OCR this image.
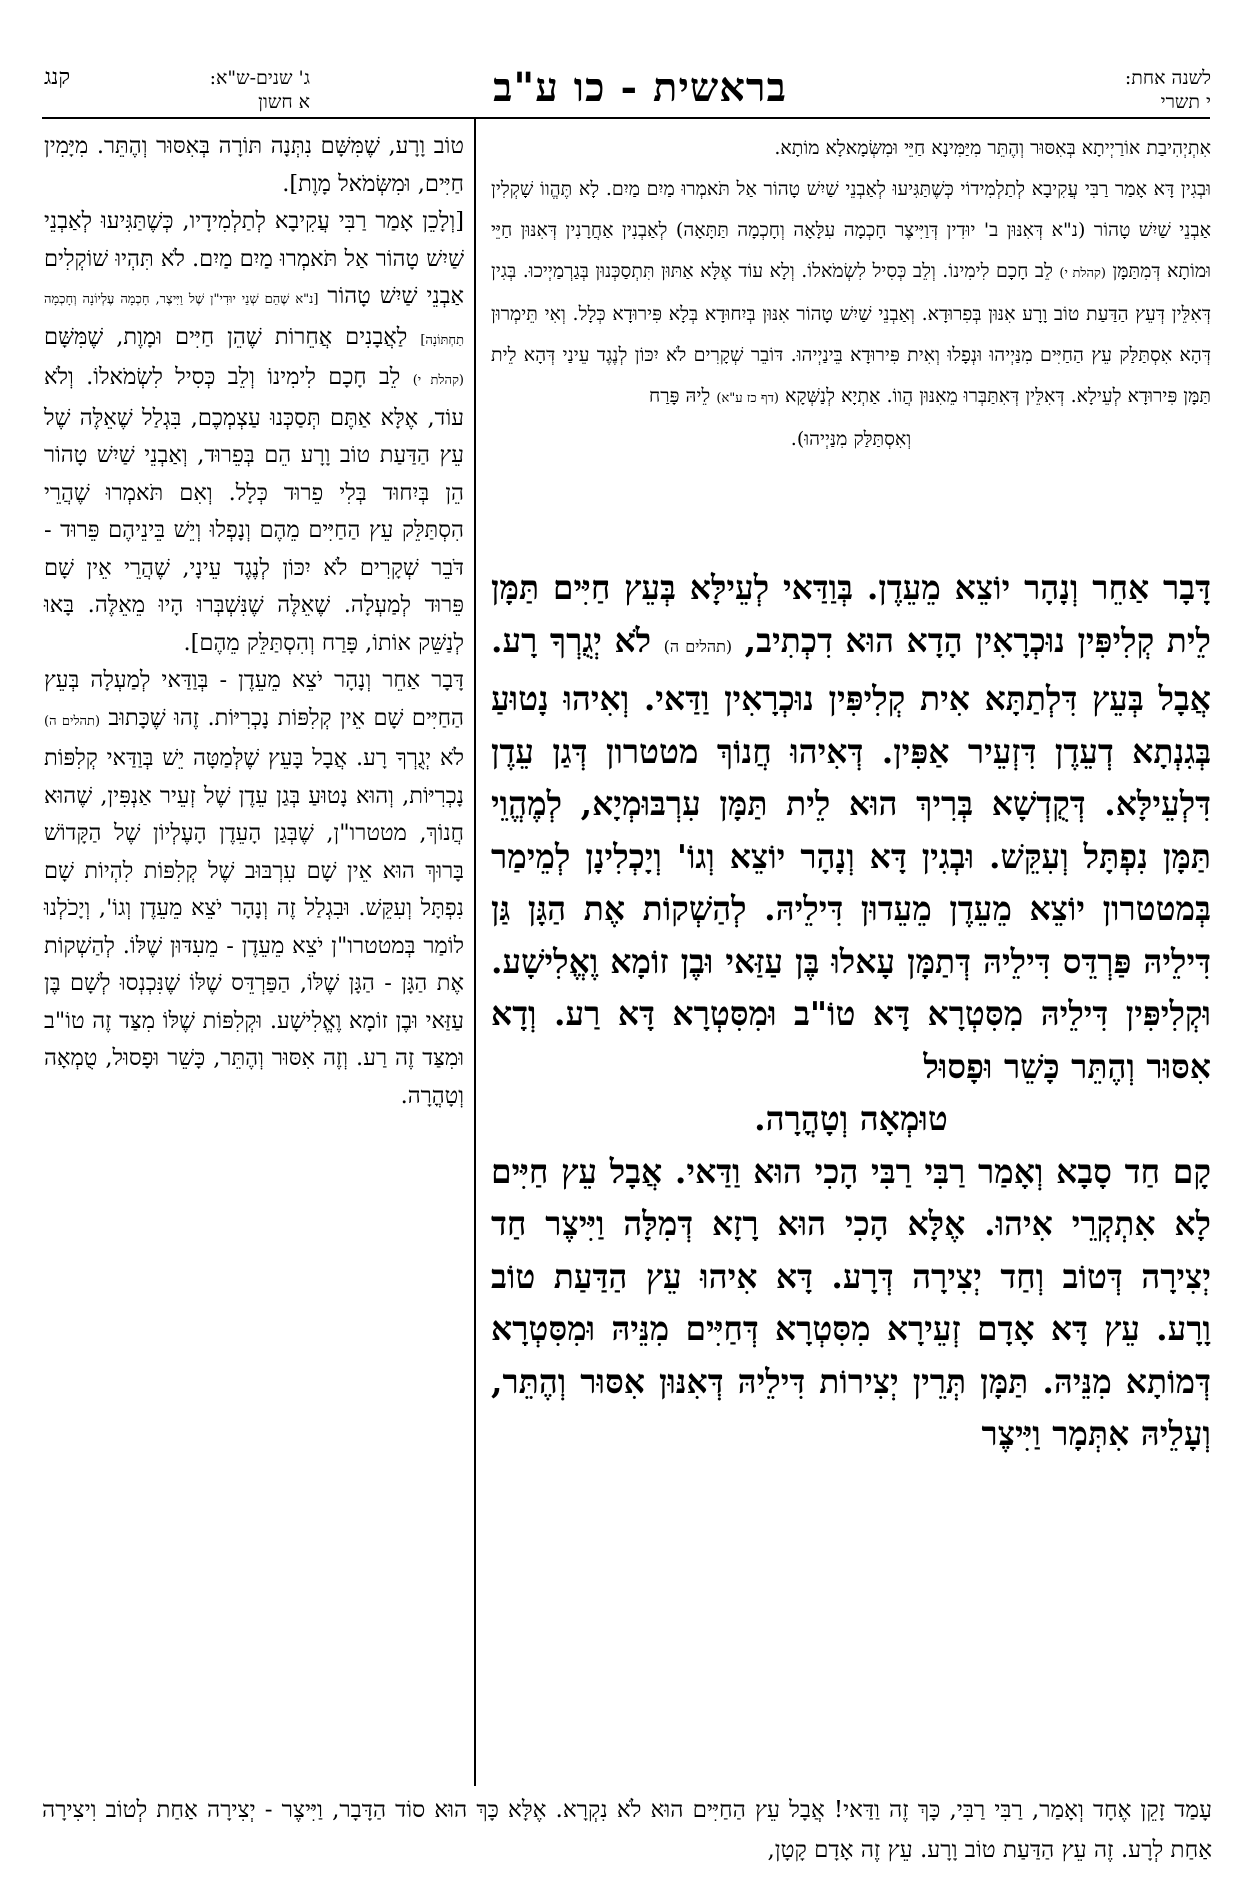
לשנה אחת:
י תשרי
בראשית - כו ע"ב
ג' שנים-ש"א:
א חשון
קנג

אִתְיְהִיבַת אוֹרַיְיתָא בְּאִסּוּר וְהֶתֵּר מִיַּמִּינָא חַיֵּי וּמִשְּׂמָאלָא מוֹתָא.

וּבְגִין דָּא אָמַר רַבִּי עֲקִיבָא לְתַלְמִידוֹי כְּשֶׁתַּגִּיעוּ לְאַבְנֵי שַׁיִשׁ טָהוֹר אַל תֹּאמְרוּ מַיִם מַיִם. לָא תֶּהֱווֹ שָׁקְלִין אַבְנֵי שַׁיִשׁ טָהוֹר (נ"א דְּאִנּוּן ב' יוּדִין דְּוַיִּיצֶר חָכְמָה עִלָּאָה וְחָכְמָה תַּתָּאָה) לְאַבְנִין אַחֲרָנִין דְּאִנּוּן חַיֵּי וּמוֹתָא דְּמִתַּמָּן (קהלת י) לֵב חָכָם לִימִינוֹ. וְלֵב כְּסִיל לִשְׂמֹאלוֹ. וְלָא עוֹד אֶלָּא אַתּוּן תִּתְסַכְּנוּן בְּגַרְמַיְיכוּ. בְּגִין דְּאִלֵּין דְּעֵץ הַדַּעַת טוֹב וָרָע אִנּוּן בְּפִרוּדָא. וְאַבְנֵי שַׁיִשׁ טָהוֹר אִנּוּן בְּיִחוּדָא בְּלָא פִּירוּדָא כְּלָל. וְאִי תֵּימְרוּן דְּהָא אִסְתַּלַּק עֵץ הַחַיִּים מִנַּיְיהוּ וּנְפָלוּ וְאִית פִּירוּדָא בֵּינַיְיהוּ. דּוֹבֵר שְׁקָרִים לֹא יִכּוֹן לְנֶגֶד עֵינַי דְּהָא לֵית תַּמָּן פִּירוּדָא לְעֵילָא. דְּאִלֵּין דְּאִתַּבְּרוּ מֵאִנּוּן הֲווֹ. אַתְיָא לְנַשְּׁקָא (דף כז ע"א) לֵיהּ פָּרַח

וְאִסְתַּלַּק מִנַּיְיהוּ).

דָּבָר אַחֵר וְנָהָר יוֹצֵא מֵעֵדֶן. בְּוַדַּאי לְעֵילָּא בְּעֵץ חַיִּים תַּמָּן לֵית קְלִיפִּין נוּכְרָאִין הָדָא הוּא דִכְתִיב, (תהלים ה) לֹא יְגֻרְךָ רָע. אֲבָל בְּעֵץ דִּלְתַתָּא אִית קְלִיפִּין נוּכְרָאִין וַדַּאי. וְאִיהוּ נָטוּעַ בְּגִנְתָא דְעֵדֶן דִּזְעֵיר אַפִּין. דְּאִיהוּ חֲנוֹךְ מטטרון דְּגַן עֵדֶן דִּלְעֵילָּא. דְּקֻדְשָׁא בְּרִיךְ הוּא לֵית תַּמָּן עִרְבּוּמְיָא, לְמֶהֱוֵי תַּמָּן נִפְתָּל וְעִקֵּשׁ. וּבְגִין דָּא וְנָהָר יוֹצֵא וְגוֹ' וְיָכְלִינָן לְמֵימַר בְּמטטרון יוֹצֵא מֵעֵדֶן מֵעֵדוּן דִּילֵיהּ. לְהַשְׁקוֹת אֶת הַגָּן גַּן דִּילֵיהּ פַּרְדֵּס דִּילֵיהּ דְּתַמָּן עָאלוּ בֶּן עַזַּאי וּבֶן זוֹמָא וֶאֱלִישָׁע. וּקְלִיפִּין דִּילֵיהּ מִסִּטְרָא דָּא טוֹ"ב וּמִסִּטְרָא דָּא רַע. וְדָא אִסּוּר וְהֶתֵּר כָּשֵׁר וּפָסוּל

טוּמְאָה וְטָהֳרָה.

קָם חַד סָבָא וְאָמַר רַבִּי רַבִּי הָכִי הוּא וַדַּאי. אֲבָל עֵץ חַיִּים לָא אִתְקְרֵי אִיהוּ. אֶלָּא הָכִי הוּא רָזָא דְּמִלָּה וַיִּיצֶר חַד יְצִירָה דְּטוֹב וְחַד יְצִירָה דְּרָע. דָּא אִיהוּ עֵץ הַדַּעַת טוֹב וָרָע. עֵץ דָּא אָדָם זְעֵירָא מִסִּטְרָא דְּחַיִּים מִנֵּיהּ וּמִסִּטְרָא דְּמוֹתָא מִנֵּיהּ. תַּמָּן תְּרֵין יְצִירוֹת דִּילֵיהּ דְּאִנּוּן אִסּוּר וְהֶתֵּר, וְעָלֵיהּ אִתְּמָר וַיִּיצֶר

טוֹב וָרָע, שֶׁמִּשָּׁם נִתְּנָה תּוֹרָה בְּאִסּוּר וְהֶתֵּר. מִיָּמִין חַיִּים, וּמִשְּׂמֹאל מָוֶת].

[וְלָכֵן אָמַר רַבִּי עֲקִיבָא לְתַלְמִידָיו, כְּשֶׁתַּגִּיעוּ לְאַבְנֵי שַׁיִשׁ טָהוֹר אַל תֹּאמְרוּ מַיִם מַיִם. לֹא תִּהְיוּ שׁוֹקְלִים אַבְנֵי שַׁיִשׁ טָהוֹר [נ"א שֶׁהֵם שְׁנֵי יוּדִי"ן שֶׁל וַיִּיצֶר, חָכְמָה עֶלְיוֹנָה וְחָכְמָה תַחְתּוֹנָה] לַאֲבָנִים אֲחֵרוֹת שֶׁהֵן חַיִּים וּמָוֶת, שֶׁמִּשָּׁם (קהלת י) לֵב חָכָם לִימִינוֹ וְלֵב כְּסִיל לִשְׂמֹאלוֹ. וְלֹא עוֹד, אֶלָּא אַתֶּם תְּסַכְּנוּ עַצְמְכֶם, בִּגְלַל שֶׁאֵלֶּה שֶׁל עֵץ הַדַּעַת טוֹב וָרָע הֵם בְּפֵרוּד, וְאַבְנֵי שַׁיִשׁ טָהוֹר הֵן בְּיִחוּד בְּלִי פֵרוּד כְּלָל. וְאִם תֹּאמְרוּ שֶׁהֲרֵי הִסְתַּלֵּק עֵץ הַחַיִּים מֵהֶם וְנָפְלוּ וְיֵשׁ בֵּינֵיהֶם פֵּרוּד - דֹּבֵר שְׁקָרִים לֹא יִכּוֹן לְנֶגֶד עֵינָי, שֶׁהֲרֵי אֵין שָׁם פֵּרוּד לְמַעְלָה. שֶׁאֵלֶּה שֶׁנִּשְׁבְּרוּ הָיוּ מֵאֵלֶּה. בָּאוּ לְנַשֵּׁק אוֹתוֹ, פָּרַח וְהִסְתַּלֵּק מֵהֶם].

דָּבָר אַחֵר וְנָהָר יֹצֵא מֵעֵדֶן - בְּוַדַּאי לְמַעְלָה בְּעֵץ הַחַיִּים שָׁם אֵין קְלִפּוֹת נָכְרִיּוֹת. זֶהוּ שֶׁכָּתוּב (תהלים ה) לֹא יְגֻרְךָ רָע. אֲבָל בָּעֵץ שֶׁלְּמַטָּה יֵשׁ בְּוַדַּאי קְלִפּוֹת נָכְרִיּוֹת, וְהוּא נָטוּעַ בְּגַן עֵדֶן שֶׁל זְעֵיר אַנְפִּין, שֶׁהוּא חֲנוֹךְ, מטטרו"ן, שֶׁבְּגַן הָעֵדֶן הָעֶלְיוֹן שֶׁל הַקָּדוֹשׁ בָּרוּךְ הוּא אֵין שָׁם עִרְבּוּב שֶׁל קְלִפּוֹת לִהְיוֹת שָׁם נִפְתָּל וְעִקֵּשׁ. וּבִגְלַל זֶה וְנָהָר יֹצֵא מֵעֵדֶן וְגוֹ', וְיָכֹלְנוּ לוֹמַר בְּמטטרו"ן יֹצֵא מֵעֵדֶן - מֵעִדּוּן שֶׁלּוֹ. לְהַשְׁקוֹת אֶת הַגָּן - הַגָּן שֶׁלּוֹ, הַפַּרְדֵּס שֶׁלּוֹ שֶׁנִּכְנְסוּ לְשָׁם בֶּן עַזַּאי וּבֶן זוֹמָא וֶאֱלִישָׁע. וּקְלִפּוֹת שֶׁלּוֹ מִצַּד זֶה טוֹ"ב וּמִצַּד זֶה רַע. וְזֶה אִסּוּר וְהֶתֵּר, כָּשֵׁר וּפָסוּל, טֻמְאָה וְטָהֳרָה.

עָמַד זָקֵן אֶחָד וְאָמַר, רַבִּי רַבִּי, כָּךְ זֶה וַדַּאי! אֲבָל עֵץ הַחַיִּים הוּא לֹא נִקְרָא. אֶלָּא כָּךְ הוּא סוֹד הַדָּבָר, וַיִּיצֶר - יְצִירָה אַחַת לְטוֹב וִיצִירָה אַחַת לְרָע. זֶה עֵץ הַדַּעַת טוֹב וָרָע. עֵץ זֶה אָדָם קָטָן,
